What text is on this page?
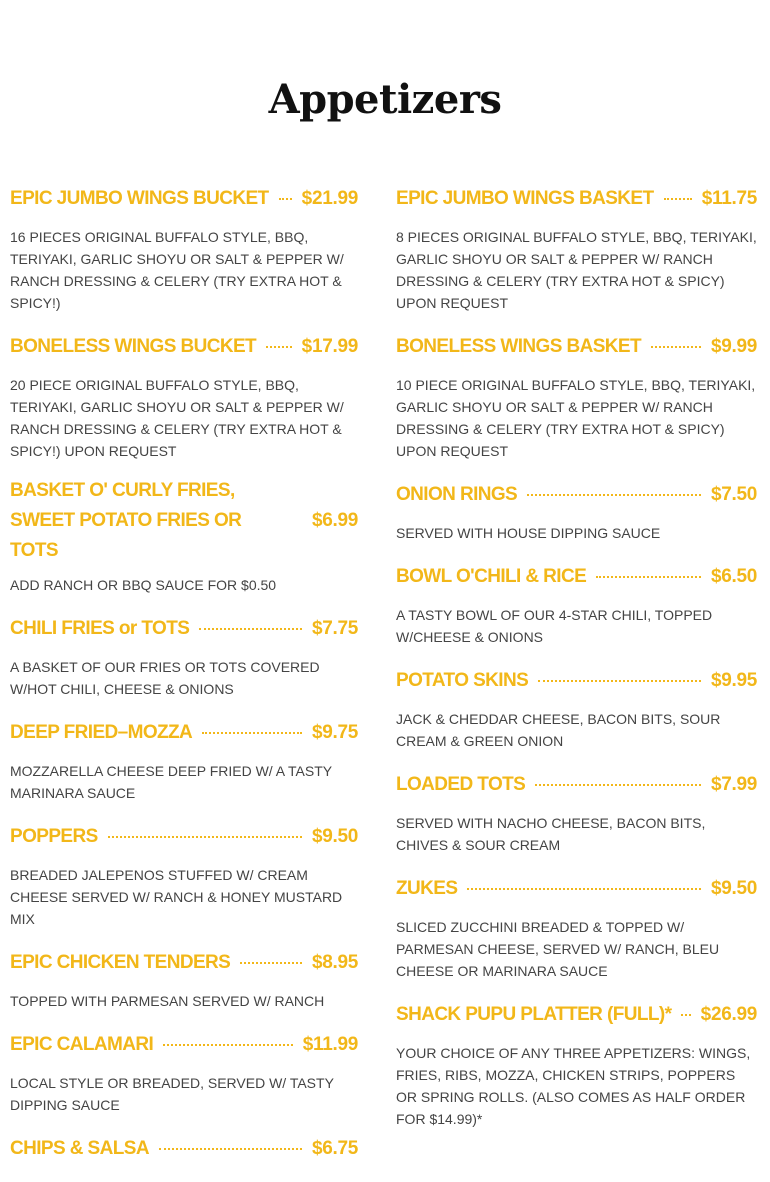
Appetizers
EPIC JUMBO WINGS BUCKET $21.99
16 PIECES ORIGINAL BUFFALO STYLE, BBQ, TERIYAKI, GARLIC SHOYU OR SALT & PEPPER W/ RANCH DRESSING & CELERY (TRY EXTRA HOT & SPICY!)
BONELESS WINGS BUCKET $17.99
20 PIECE ORIGINAL BUFFALO STYLE, BBQ, TERIYAKI, GARLIC SHOYU OR SALT & PEPPER W/ RANCH DRESSING & CELERY (TRY EXTRA HOT & SPICY!) UPON REQUEST
BASKET O' CURLY FRIES, SWEET POTATO FRIES OR TOTS
$6.99
ADD RANCH OR BBQ SAUCE FOR $0.50
CHILI FRIES or TOTS	$7.75
A BASKET OF OUR FRIES OR TOTS COVERED W/HOT CHILI, CHEESE & ONIONS
DEEP FRIED–MOZZA	$9.75
MOZZARELLA CHEESE DEEP FRIED W/ A TASTY MARINARA SAUCE
POPPERS	$9.50
BREADED JALEPENOS STUFFED W/ CREAM CHEESE SERVED W/ RANCH & HONEY MUSTARD MIX
EPIC CHICKEN TENDERS	$8.95
TOPPED WITH PARMESAN SERVED W/ RANCH
EPIC CALAMARI	$11.99
LOCAL STYLE OR BREADED, SERVED W/ TASTY DIPPING SAUCE
CHIPS & SALSA	$6.75
EPIC JUMBO WINGS BASKET	$11.75
8 PIECES ORIGINAL BUFFALO STYLE, BBQ, TERIYAKI, GARLIC SHOYU OR SALT & PEPPER W/ RANCH DRESSING & CELERY (TRY EXTRA HOT & SPICY) UPON REQUEST
BONELESS WINGS BASKET	$9.99
10 PIECE ORIGINAL BUFFALO STYLE, BBQ, TERIYAKI, GARLIC SHOYU OR SALT & PEPPER W/ RANCH DRESSING & CELERY (TRY EXTRA HOT & SPICY) UPON REQUEST
ONION RINGS	$7.50
SERVED WITH HOUSE DIPPING SAUCE
BOWL O'CHILI & RICE	$6.50
A TASTY BOWL OF OUR 4-STAR CHILI, TOPPED W/CHEESE & ONIONS
POTATO SKINS	$9.95
JACK & CHEDDAR CHEESE, BACON BITS, SOUR CREAM & GREEN ONION
LOADED TOTS	$7.99
SERVED WITH NACHO CHEESE, BACON BITS, CHIVES & SOUR CREAM
ZUKES	$9.50
SLICED ZUCCHINI BREADED & TOPPED W/ PARMESAN CHEESE, SERVED W/ RANCH, BLEU CHEESE OR MARINARA SAUCE
SHACK PUPU PLATTER (FULL)* $26.99
YOUR CHOICE OF ANY THREE APPETIZERS: WINGS, FRIES, RIBS, MOZZA, CHICKEN STRIPS, POPPERS OR SPRING ROLLS. (ALSO COMES AS HALF ORDER FOR $14.99)*
